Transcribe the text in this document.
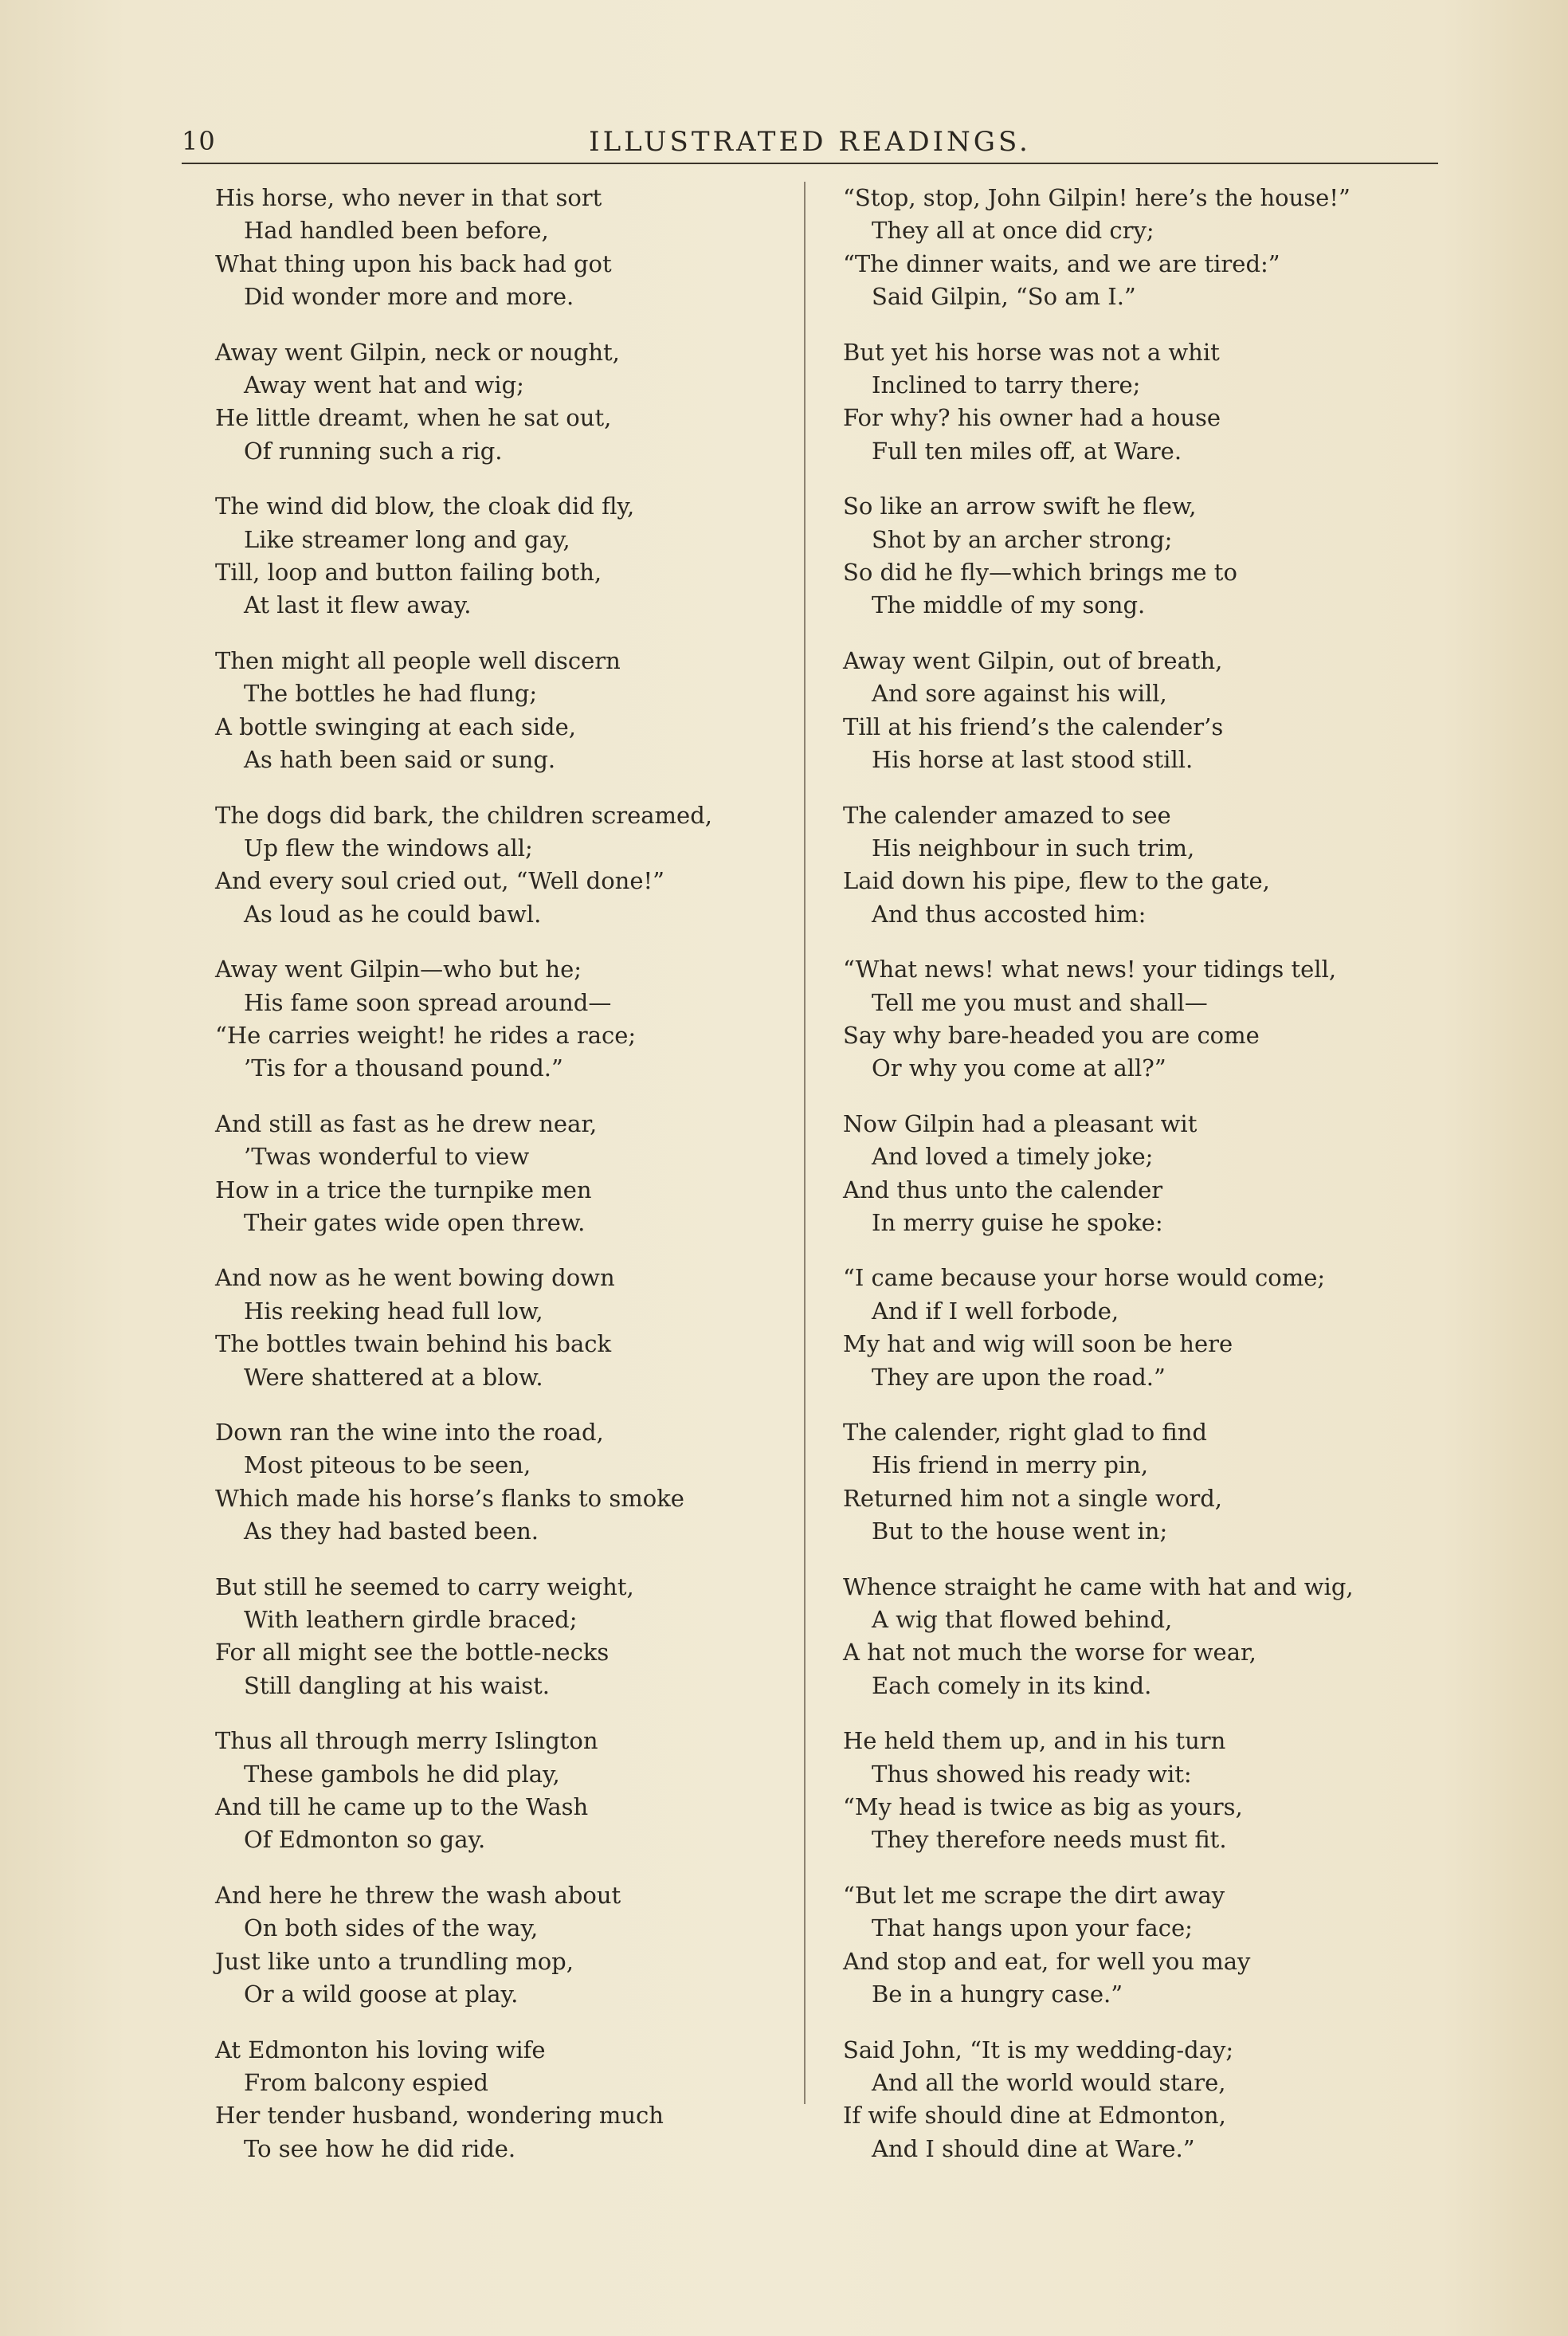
10	ILLUSTRATED READINGS.
His horse, who never in that sort
Had handled been before,
What thing upon his back had got
Did wonder more and more.
Away went Gilpin, neck or nought,
Away went hat and wig;
He little dreamt, when he sat out,
Of running such a rig.
The wind did blow, the cloak did fly,
Like streamer long and gay,
Till, loop and button failing both,
At last it flew away.
Then might all people well discern
The bottles he had flung;
A bottle swinging at each side,
As hath been said or sung.
The dogs did bark, the children screamed,
Up flew the windows all;
And every soul cried out, “Well done!”
As loud as he could bawl.
Away went Gilpin—who but he;
His fame soon spread around—
“He carries weight! he rides a race;
’Tis for a thousand pound.”
And still as fast as he drew near,
’Twas wonderful to view
How in a trice the turnpike men
Their gates wide open threw.
And now as he went bowing down
His reeking head full low,
The bottles twain behind his back
Were shattered at a blow.
Down ran the wine into the road,
Most piteous to be seen,
Which made his horse’s flanks to smoke
As they had basted been.
But still he seemed to carry weight,
With leathern girdle braced;
For all might see the bottle-necks
Still dangling at his waist.
Thus all through merry Islington
These gambols he did play,
And till he came up to the Wash
Of Edmonton so gay.
And here he threw the wash about
On both sides of the way,
Just like unto a trundling mop,
Or a wild goose at play.
At Edmonton his loving wife
From balcony espied
Her tender husband, wondering much
To see how he did ride.
“Stop, stop, John Gilpin! here’s the house!”
They all at once did cry;
“The dinner waits, and we are tired:”
Said Gilpin, “So am I.”
But yet his horse was not a whit
Inclined to tarry there;
For why? his owner had a house
Full ten miles off, at Ware.
So like an arrow swift he flew,
Shot by an archer strong;
So did he fly—which brings me to
The middle of my song.
Away went Gilpin, out of breath,
And sore against his will,
Till at his friend’s the calender’s
His horse at last stood still.
The calender amazed to see
His neighbour in such trim,
Laid down his pipe, flew to the gate,
And thus accosted him:
“What news! what news! your tidings tell,
Tell me you must and shall—
Say why bare-headed you are come
Or why you come at all?”
Now Gilpin had a pleasant wit
And loved a timely joke;
And thus unto the calender
In merry guise he spoke:
“I came because your horse would come;
And if I well forbode,
My hat and wig will soon be here
They are upon the road.”
The calender, right glad to find
His friend in merry pin,
Returned him not a single word,
But to the house went in;
Whence straight he came with hat and wig,
A wig that flowed behind,
A hat not much the worse for wear,
Each comely in its kind.
He held them up, and in his turn
Thus showed his ready wit:
“My head is twice as big as yours,
They therefore needs must fit.
“But let me scrape the dirt away
That hangs upon your face;
And stop and eat, for well you may
Be in a hungry case.”
Said John, “It is my wedding-day;
And all the world would stare,
If wife should dine at Edmonton,
And I should dine at Ware.”
